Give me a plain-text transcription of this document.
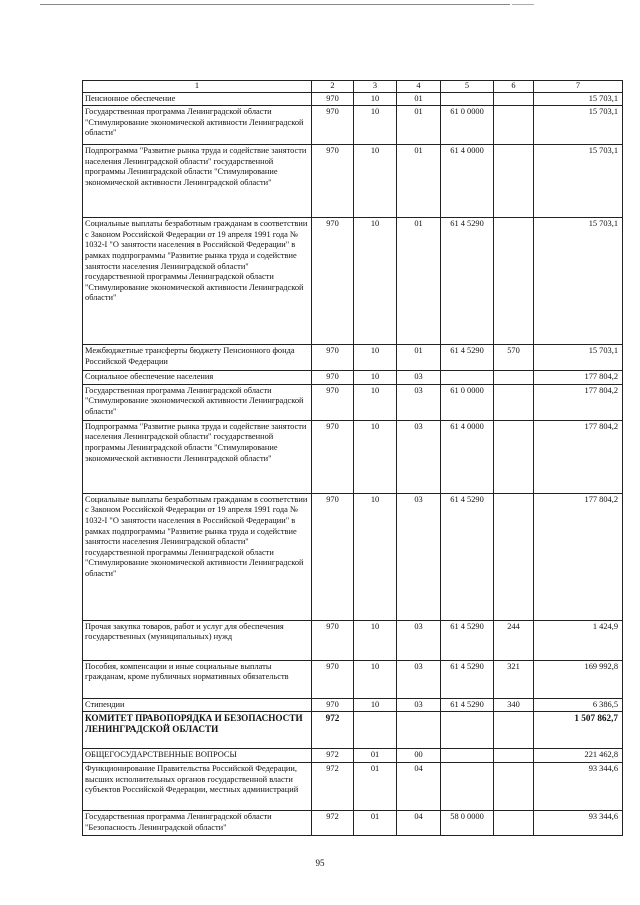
1	2	3	4	5	6	7
Пенсионное обеспечение	970	10	01			15 703,1
Государственная программа Ленинградской области "Стимулирование экономической активности Ленинградской области"	970	10	01	61 0 0000		15 703,1
Подпрограмма "Развитие рынка труда и содействие занятости населения Ленинградской области" государственной программы Ленинградской области "Стимулирование экономической активности Ленинградской области"	970	10	01	61 4 0000		15 703,1
Социальные выплаты безработным гражданам в соответствии с Законом Российской Федерации от 19 апреля 1991 года № 1032-I "О занятости населения в Российской Федерации" в рамках подпрограммы "Развитие рынка труда и содействие занятости населения Ленинградской области" государственной программы Ленинградской области "Стимулирование экономической активности Ленинградской области"	970	10	01	61 4 5290		15 703,1
Межбюджетные трансферты бюджету Пенсионного фонда Российской Федерации	970	10	01	61 4 5290	570	15 703,1
Социальное обеспечение населения	970	10	03			177 804,2
Государственная программа Ленинградской области "Стимулирование экономической активности Ленинградской области"	970	10	03	61 0 0000		177 804,2
Подпрограмма "Развитие рынка труда и содействие занятости населения Ленинградской области" государственной программы Ленинградской области "Стимулирование экономической активности Ленинградской области"	970	10	03	61 4 0000		177 804,2
Социальные выплаты безработным гражданам в соответствии с Законом Российской Федерации от 19 апреля 1991 года № 1032-I "О занятости населения в Российской Федерации" в рамках подпрограммы "Развитие рынка труда и содействие занятости населения Ленинградской области" государственной программы Ленинградской области "Стимулирование экономической активности Ленинградской области"	970	10	03	61 4 5290		177 804,2
Прочая закупка товаров, работ и услуг для обеспечения государственных (муниципальных) нужд	970	10	03	61 4 5290	244	1 424,9
Пособия, компенсации и иные социальные выплаты гражданам, кроме публичных нормативных обязательств	970	10	03	61 4 5290	321	169 992,8
Стипендии	970	10	03	61 4 5290	340	6 386,5
КОМИТЕТ ПРАВОПОРЯДКА И БЕЗОПАСНОСТИ ЛЕНИНГРАДСКОЙ ОБЛАСТИ	972					1 507 862,7
ОБЩЕГОСУДАРСТВЕННЫЕ ВОПРОСЫ	972	01	00			221 462,8
Функционирование Правительства Российской Федерации, высших исполнительных органов государственной власти субъектов Российской Федерации, местных администраций	972	01	04			93 344,6
Государственная программа Ленинградской области "Безопасность Ленинградской области"	972	01	04	58 0 0000		93 344,6
95
